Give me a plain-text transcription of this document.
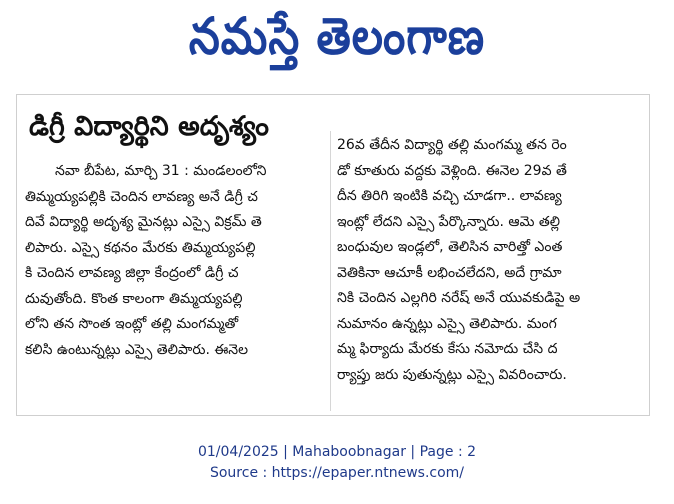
నమస్తే తెలంగాణ
డిగ్రీ విద్యార్థిని అదృశ్యం
నవా బీపేట, మార్చి 31 : మండలంలోని
తిమ్మయ్యపల్లికి చెందిన లావణ్య అనే డిగ్రీ చ
దివే విద్యార్థి అదృశ్య మైనట్లు ఎస్సై విక్రమ్ తె
లిపారు. ఎస్సై కథనం మేరకు తిమ్మయ్యపల్లి
కి చెందిన లావణ్య జిల్లా కేంద్రంలో డిగ్రీ చ
దువుతోంది. కొంత కాలంగా తిమ్మయ్యపల్లి
లోని తన సొంత ఇంట్లో తల్లి మంగమ్మతో
కలిసి ఉంటున్నట్లు ఎస్సై తెలిపారు. ఈనెల
26వ తేదీన విద్యార్థి తల్లి మంగమ్మ తన రెం
డో కూతురు వద్దకు వెళ్లింది. ఈనెల 29వ తే
దీన తిరిగి ఇంటికి వచ్చి చూడగా.. లావణ్య
ఇంట్లో లేదని ఎస్సై పేర్కొన్నారు. ఆమె తల్లి
బంధువుల ఇండ్లలో, తెలిసిన వారిత్తో ఎంత
వెతికినా ఆచూకీ లభించలేదని, అదే గ్రామా
నికి చెందిన ఎల్లగిరి నరేష్ అనే యువకుడిపై అ
నుమానం ఉన్నట్లు ఎస్సై తెలిపారు. మంగ
మ్మ ఫిర్యాదు మేరకు కేసు నమోదు చేసి ద
ర్యాప్తు జరు పుతున్నట్లు ఎస్సై వివరించారు.
01/04/2025 | Mahaboobnagar | Page : 2
Source : https://epaper.ntnews.com/
